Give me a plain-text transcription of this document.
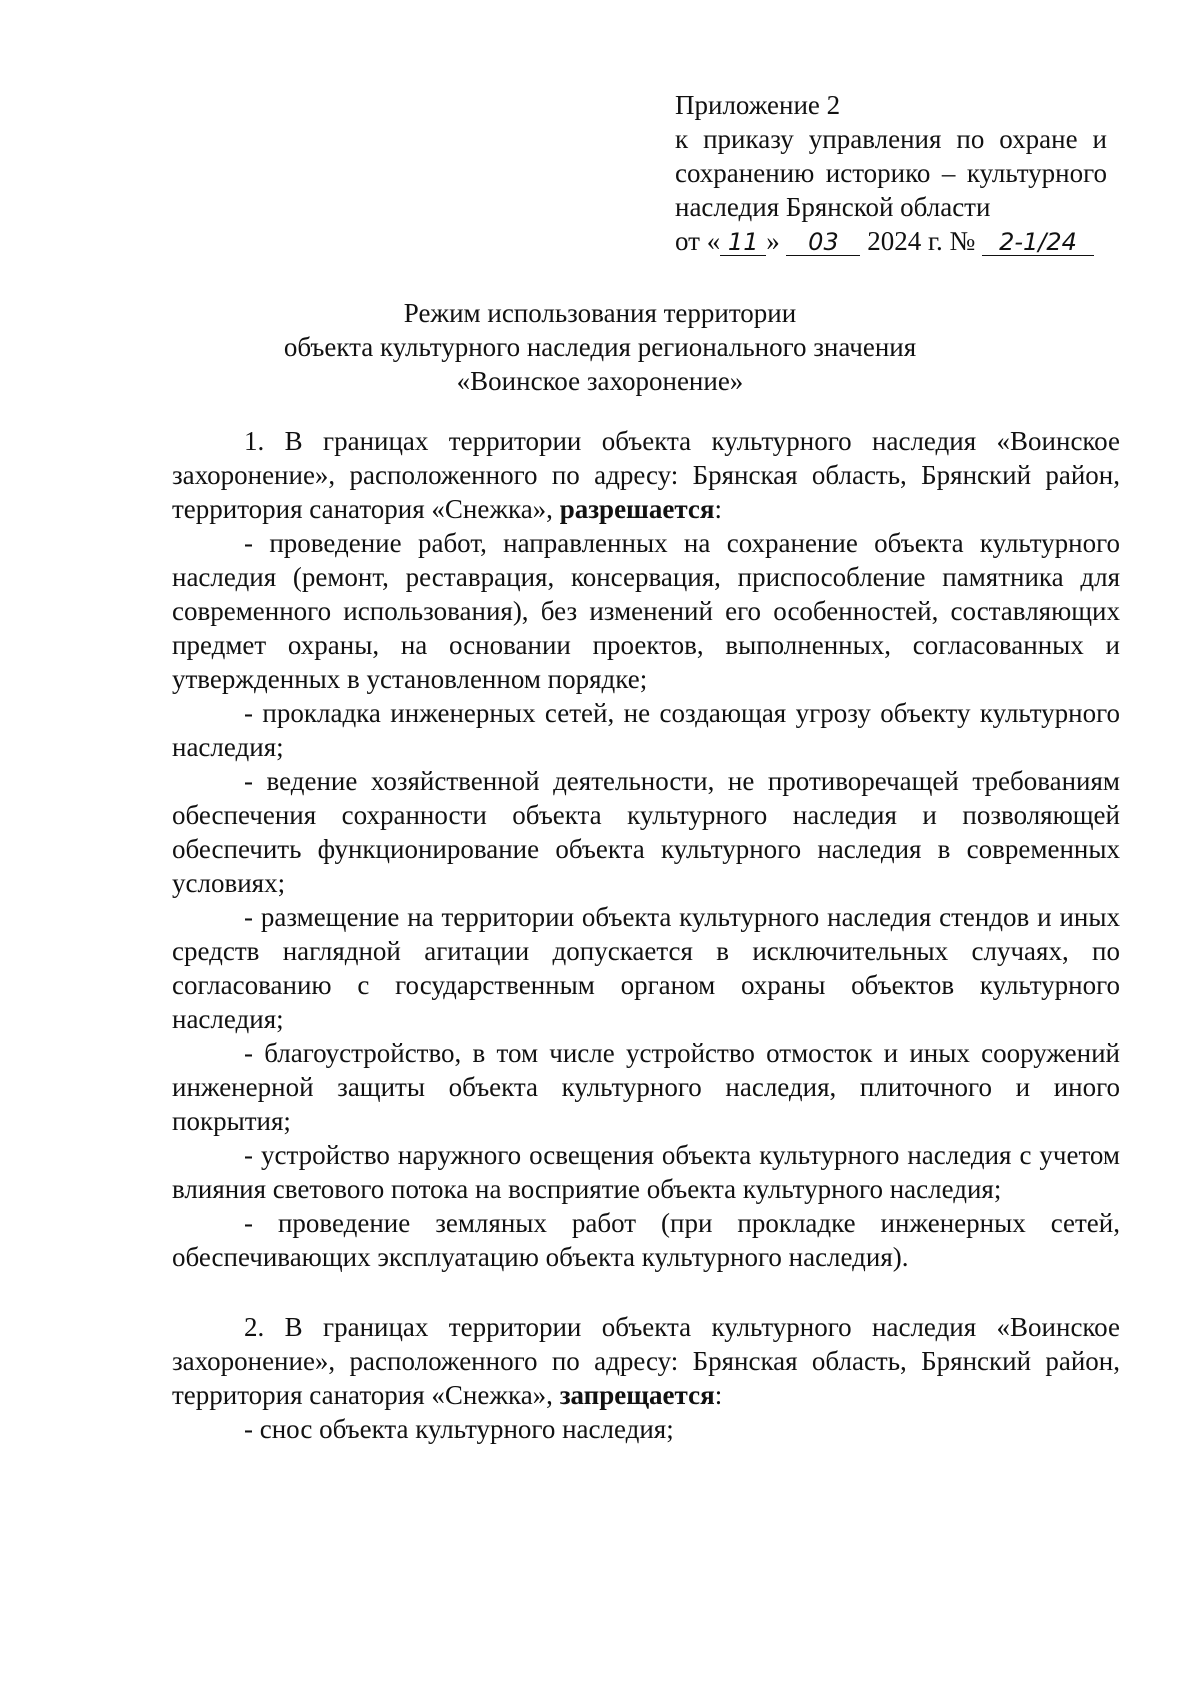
Приложение 2
к приказу управления по охране и
сохранению историко – культурного
наследия Брянской области
от « 11 » 03 2024 г. № 2-1/24
Режим использования территории
объекта культурного наследия регионального значения
«Воинское захоронение»

1. В границах территории объекта культурного наследия «Воинское захоронение», расположенного по адресу: Брянская область, Брянский район, территория санатория «Снежка», разрешается:

- проведение работ, направленных на сохранение объекта культурного наследия (ремонт, реставрация, консервация, приспособление памятника для современного использования), без изменений его особенностей, составляющих предмет охраны, на основании проектов, выполненных, согласованных и утвержденных в установленном порядке;

- прокладка инженерных сетей, не создающая угрозу объекту культурного наследия;

- ведение хозяйственной деятельности, не противоречащей требованиям обеспечения сохранности объекта культурного наследия и позволяющей обеспечить функционирование объекта культурного наследия в современных условиях;

- размещение на территории объекта культурного наследия стендов и иных средств наглядной агитации допускается в исключительных случаях, по согласованию с государственным органом охраны объектов культурного наследия;

- благоустройство, в том числе устройство отмосток и иных сооружений инженерной защиты объекта культурного наследия, плиточного и иного покрытия;

- устройство наружного освещения объекта культурного наследия с учетом влияния светового потока на восприятие объекта культурного наследия;

- проведение земляных работ (при прокладке инженерных сетей, обеспечивающих эксплуатацию объекта культурного наследия).

2. В границах территории объекта культурного наследия «Воинское захоронение», расположенного по адресу: Брянская область, Брянский район, территория санатория «Снежка», запрещается:

- снос объекта культурного наследия;
